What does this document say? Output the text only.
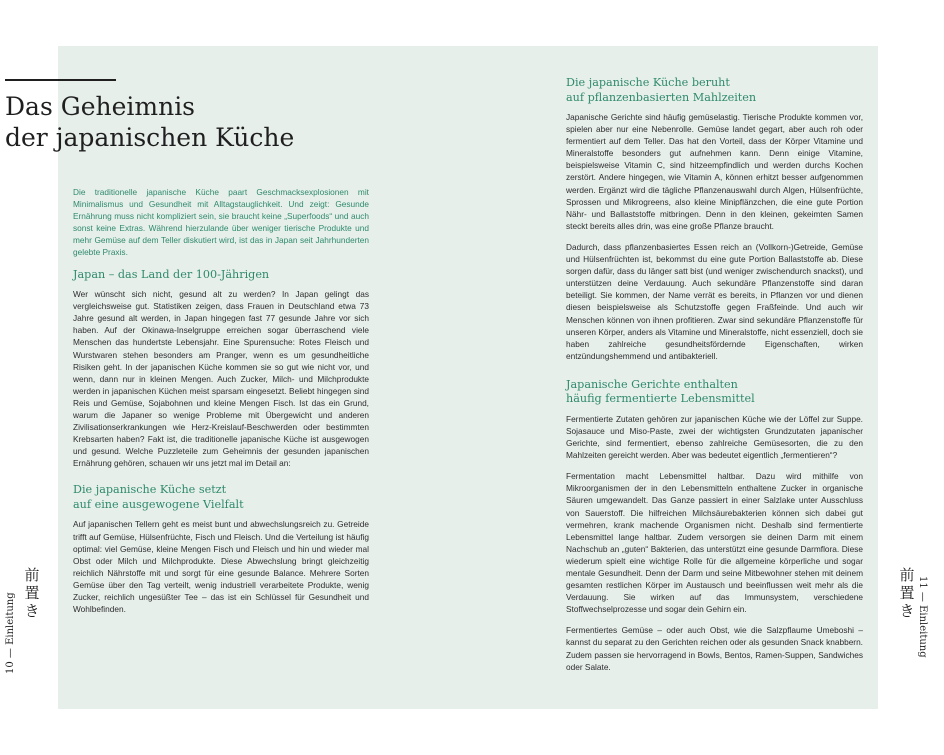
Das Geheimnis
der japanischen Küche

Die traditionelle japanische Küche paart Geschmacksexplosionen mit Minimalismus und Gesundheit mit Alltagstauglichkeit. Und zeigt: Gesunde Ernährung muss nicht kompliziert sein, sie braucht keine „Superfoods“ und auch sonst keine Extras. Während hierzulande über weniger tierische Produkte und mehr Gemüse auf dem Teller diskutiert wird, ist das in Japan seit Jahrhunderten gelebte Praxis.

Japan – das Land der 100-Jährigen

Wer wünscht sich nicht, gesund alt zu werden? In Japan gelingt das vergleichsweise gut. Statistiken zeigen, dass Frauen in Deutschland etwa 73 Jahre gesund alt werden, in Japan hingegen fast 77 gesunde Jahre vor sich haben. Auf der Okinawa-Inselgruppe erreichen sogar überraschend viele Menschen das hundertste Lebensjahr. Eine Spurensuche: Rotes Fleisch und Wurstwaren stehen besonders am Pranger, wenn es um gesundheitliche Risiken geht. In der japanischen Küche kommen sie so gut wie nicht vor, und wenn, dann nur in kleinen Mengen. Auch Zucker, Milch- und Milchprodukte werden in japanischen Küchen meist sparsam eingesetzt. Beliebt hingegen sind Reis und Gemüse, Sojabohnen und kleine Mengen Fisch. Ist das ein Grund, warum die Japaner so wenige Probleme mit Übergewicht und anderen Zivilisationserkrankungen wie Herz-Kreislauf-Beschwerden oder bestimmten Krebsarten haben? Fakt ist, die traditionelle japanische Küche ist ausgewogen und gesund. Welche Puzzleteile zum Geheimnis der gesunden japanischen Ernährung gehören, schauen wir uns jetzt mal im Detail an:

Die japanische Küche setzt
auf eine ausgewogene Vielfalt

Auf japanischen Tellern geht es meist bunt und abwechslungsreich zu. Getreide trifft auf Gemüse, Hülsenfrüchte, Fisch und Fleisch. Und die Verteilung ist häufig optimal: viel Gemüse, kleine Mengen Fisch und Fleisch und hin und wieder mal Obst oder Milch und Milchprodukte. Diese Abwechslung bringt gleichzeitig reichlich Nährstoffe mit und sorgt für eine gesunde Balance. Mehrere Sorten Gemüse über den Tag verteilt, wenig industriell verarbeitete Produkte, wenig Zucker, reichlich ungesüßter Tee – das ist ein Schlüssel für Gesundheit und Wohlbefinden.

Die japanische Küche beruht
auf pflanzenbasierten Mahlzeiten

Japanische Gerichte sind häufig gemüselastig. Tierische Produkte kommen vor, spielen aber nur eine Nebenrolle. Gemüse landet gegart, aber auch roh oder fermentiert auf dem Teller. Das hat den Vorteil, dass der Körper Vitamine und Mineralstoffe besonders gut aufnehmen kann. Denn einige Vitamine, beispielsweise Vitamin C, sind hitzeempfindlich und werden durchs Kochen zerstört. Andere hingegen, wie Vitamin A, können erhitzt besser aufgenommen werden. Ergänzt wird die tägliche Pflanzenauswahl durch Algen, Hülsenfrüchte, Sprossen und Mikrogreens, also kleine Minipflänzchen, die eine gute Portion Nähr- und Ballaststoffe mitbringen. Denn in den kleinen, gekeimten Samen steckt bereits alles drin, was eine große Pflanze braucht.

Dadurch, dass pflanzenbasiertes Essen reich an (Vollkorn-)Getreide, Gemüse und Hülsenfrüchten ist, bekommst du eine gute Portion Ballaststoffe ab. Diese sorgen dafür, dass du länger satt bist (und weniger zwischendurch snackst), und unterstützen deine Verdauung. Auch sekundäre Pflanzenstoffe sind daran beteiligt. Sie kommen, der Name verrät es bereits, in Pflanzen vor und dienen diesen beispielsweise als Schutzstoffe gegen Fraßfeinde. Und auch wir Menschen können von ihnen profitieren. Zwar sind sekundäre Pflanzenstoffe für unseren Körper, anders als Vitamine und Mineralstoffe, nicht essenziell, doch sie haben zahlreiche gesundheitsfördernde Eigenschaften, wirken entzündungshemmend und antibakteriell.

Japanische Gerichte enthalten
häufig fermentierte Lebensmittel

Fermentierte Zutaten gehören zur japanischen Küche wie der Löffel zur Suppe. Sojasauce und Miso-Paste, zwei der wichtigsten Grundzutaten japanischer Gerichte, sind fermentiert, ebenso zahlreiche Gemüsesorten, die zu den Mahlzeiten gereicht werden. Aber was bedeutet eigentlich „fermentieren“?

Fermentation macht Lebensmittel haltbar. Dazu wird mithilfe von Mikroorganismen der in den Lebensmitteln enthaltene Zucker in organische Säuren umgewandelt. Das Ganze passiert in einer Salzlake unter Ausschluss von Sauerstoff. Die hilfreichen Milchsäurebakterien können sich dabei gut vermehren, krank machende Organismen nicht. Deshalb sind fermentierte Lebensmittel lange haltbar. Zudem versorgen sie deinen Darm mit einem Nachschub an „guten“ Bakterien, das unterstützt eine gesunde Darmflora. Diese wiederum spielt eine wichtige Rolle für die allgemeine körperliche und sogar mentale Gesundheit. Denn der Darm und seine Mitbewohner stehen mit deinem gesamten restlichen Körper im Austausch und beeinflussen weit mehr als die Verdauung. Sie wirken auf das Immunsystem, verschiedene Stoffwechselprozesse und sogar dein Gehirn ein.

Fermentiertes Gemüse – oder auch Obst, wie die Salzpflaume Umeboshi – kannst du separat zu den Gerichten reichen oder als gesunden Snack knabbern. Zudem passen sie hervorragend in Bowls, Bentos, Ramen-Suppen, Sandwiches oder Salate.

10 — Einleitung
前
置
き
前
置
き 11 — Einleitung
